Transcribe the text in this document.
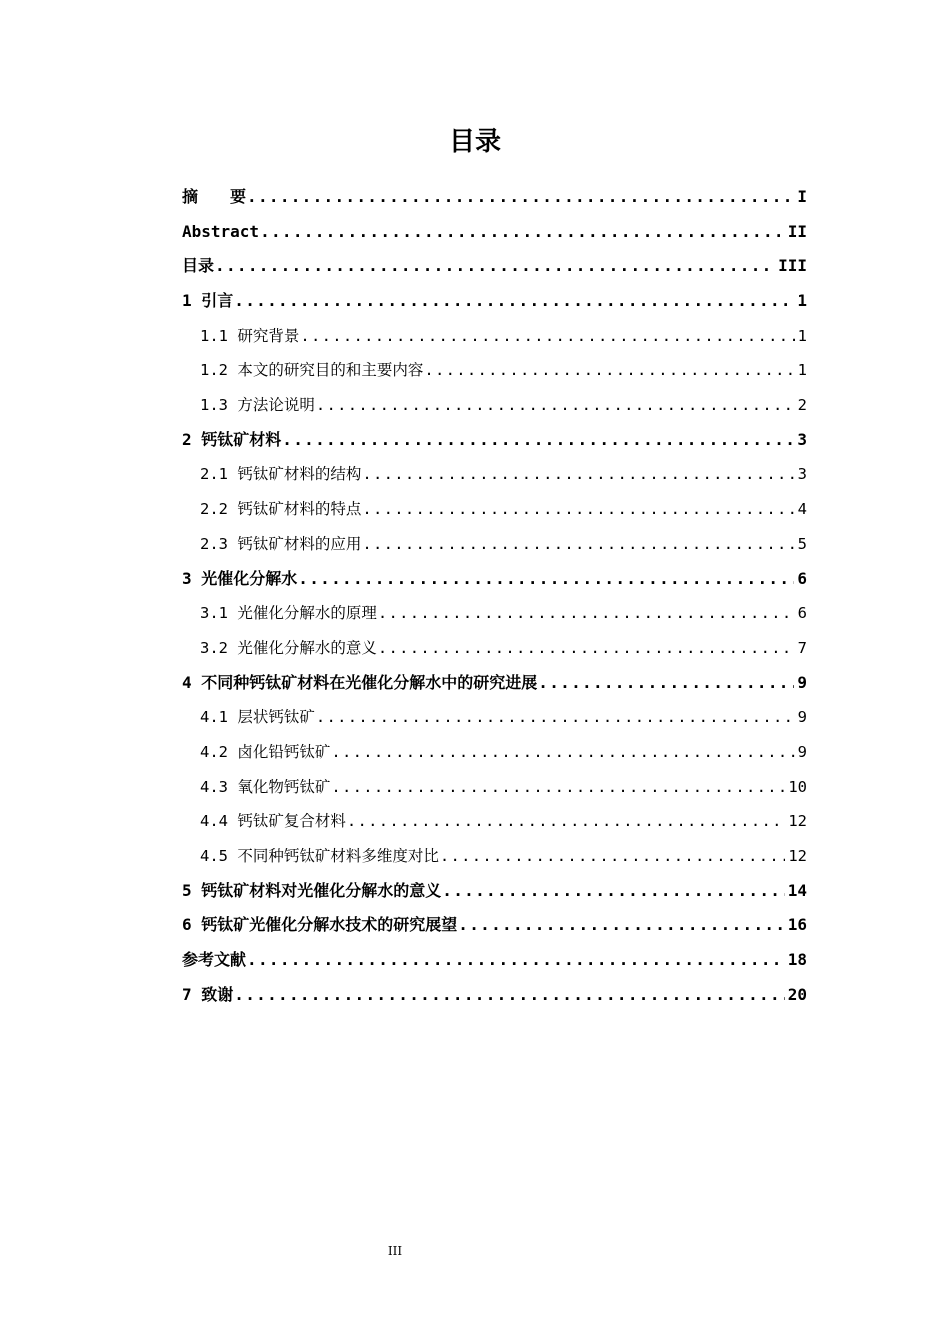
目录
摘　　要 .....	I
Abstract .....	II
目录 .....	III
1 引言 .....	1
1.1 研究背景 .....	1
1.2 本文的研究目的和主要内容 .....	1
1.3 方法论说明 .....	2
2 钙钛矿材料 .....	3
2.1 钙钛矿材料的结构 .....	3
2.2 钙钛矿材料的特点 .....	4
2.3 钙钛矿材料的应用 .....	5
3 光催化分解水 .....	6
3.1 光催化分解水的原理 .....	6
3.2 光催化分解水的意义 .....	7
4 不同种钙钛矿材料在光催化分解水中的研究进展 .....	9
4.1 层状钙钛矿 .....	9
4.2 卤化铅钙钛矿 .....	9
4.3 氧化物钙钛矿 .....	10
4.4 钙钛矿复合材料 .....	12
4.5 不同种钙钛矿材料多维度对比 .....	12
5 钙钛矿材料对光催化分解水的意义 .....	14
6 钙钛矿光催化分解水技术的研究展望 .....	16
参考文献 .....	18
7 致谢 .....	20
III
